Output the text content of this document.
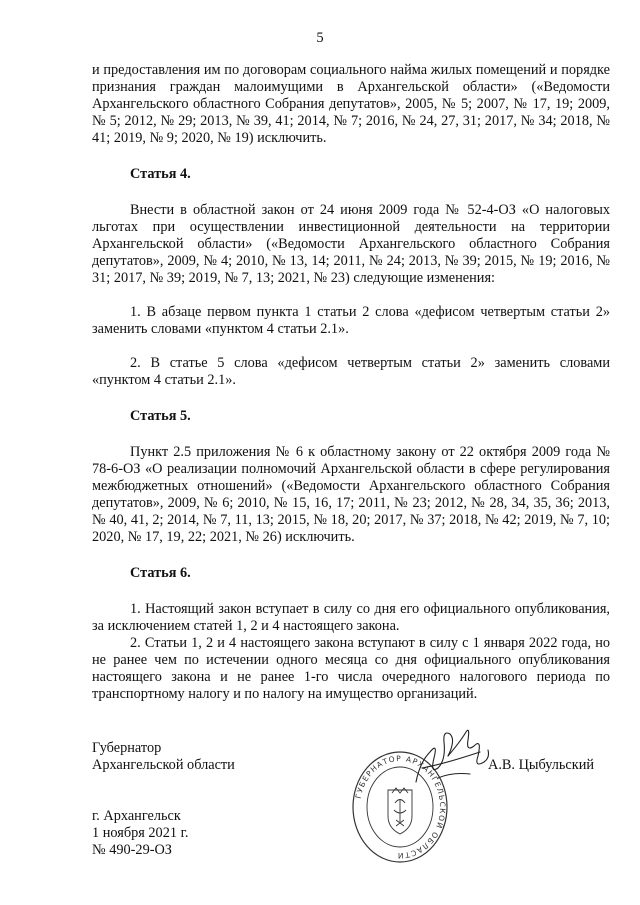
5

и предоставления им по договорам социального найма жилых помещений и порядке признания граждан малоимущими в Архангельской области» («Ведомости Архангельского областного Собрания депутатов», 2005, № 5; 2007, № 17, 19; 2009, № 5; 2012, № 29; 2013, № 39, 41; 2014, № 7; 2016, № 24, 27, 31; 2017, № 34; 2018, № 41; 2019, № 9; 2020, № 19) исключить.

Статья 4.

Внести в областной закон от 24 июня 2009 года № 52-4-ОЗ «О налоговых льготах при осуществлении инвестиционной деятельности на территории Архангельской области» («Ведомости Архангельского областного Собрания депутатов», 2009, № 4; 2010, № 13, 14; 2011, № 24; 2013, № 39; 2015, № 19; 2016, № 31; 2017, № 39; 2019, № 7, 13; 2021, № 23) следующие изменения:

1. В абзаце первом пункта 1 статьи 2 слова «дефисом четвертым статьи 2» заменить словами «пунктом 4 статьи 2.1».

2. В статье 5 слова «дефисом четвертым статьи 2» заменить словами «пунктом 4 статьи 2.1».

Статья 5.

Пункт 2.5 приложения № 6 к областному закону от 22 октября 2009 года № 78-6-ОЗ «О реализации полномочий Архангельской области в сфере регулирования межбюджетных отношений» («Ведомости Архангельского областного Собрания депутатов», 2009, № 6; 2010, № 15, 16, 17; 2011, № 23; 2012, № 28, 34, 35, 36; 2013, № 40, 41, 2; 2014, № 7, 11, 13; 2015, № 18, 20; 2017, № 37; 2018, № 42; 2019, № 7, 10; 2020, № 17, 19, 22; 2021, № 26) исключить.

Статья 6.

1. Настоящий закон вступает в силу со дня его официального опубликования, за исключением статей 1, 2 и 4 настоящего закона.

2. Статьи 1, 2 и 4 настоящего закона вступают в силу с 1 января 2022 года, но не ранее чем по истечении одного месяца со дня официального опубликования настоящего закона и не ранее 1-го числа очередного налогового периода по транспортному налогу и по налогу на имущество организаций.

Губернатор
Архангельской области	А.В. Цыбульский
ГУБЕРНАТОР АРХАНГЕЛЬСКОЙ ОБЛАСТИ
г. Архангельск
1 ноября 2021 г.
№ 490-29-ОЗ
